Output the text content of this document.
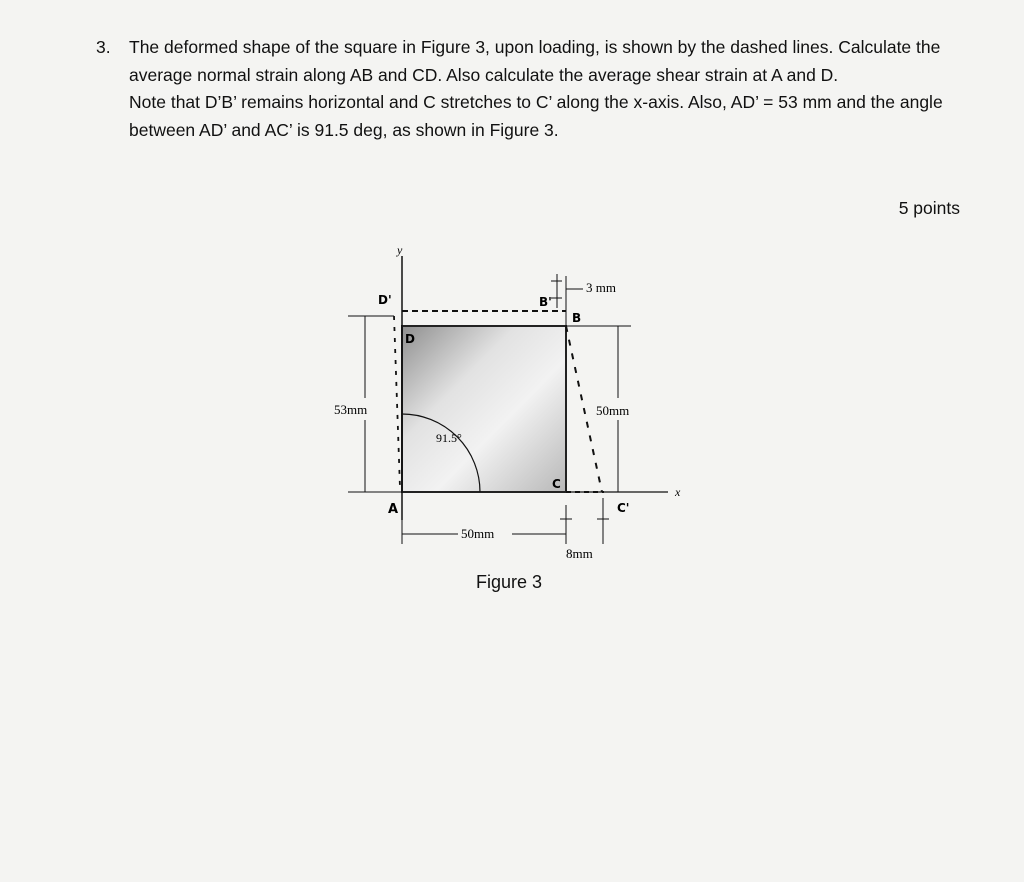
3. The deformed shape of the square in Figure 3, upon loading, is shown by the dashed lines. Calculate the average normal strain along AB and CD. Also calculate the average shear strain at A and D.

Note that D’B’ remains horizontal and C stretches to C’ along the x-axis. Also, AD’ = 53 mm and the angle between AD’ and AC’ is 91.5 deg, as shown in Figure 3.

5 points
y
x
3 mm
B'
B
50mm
53mm
D'
D
91.5°
C
C'
A
50mm
8mm
Figure 3
